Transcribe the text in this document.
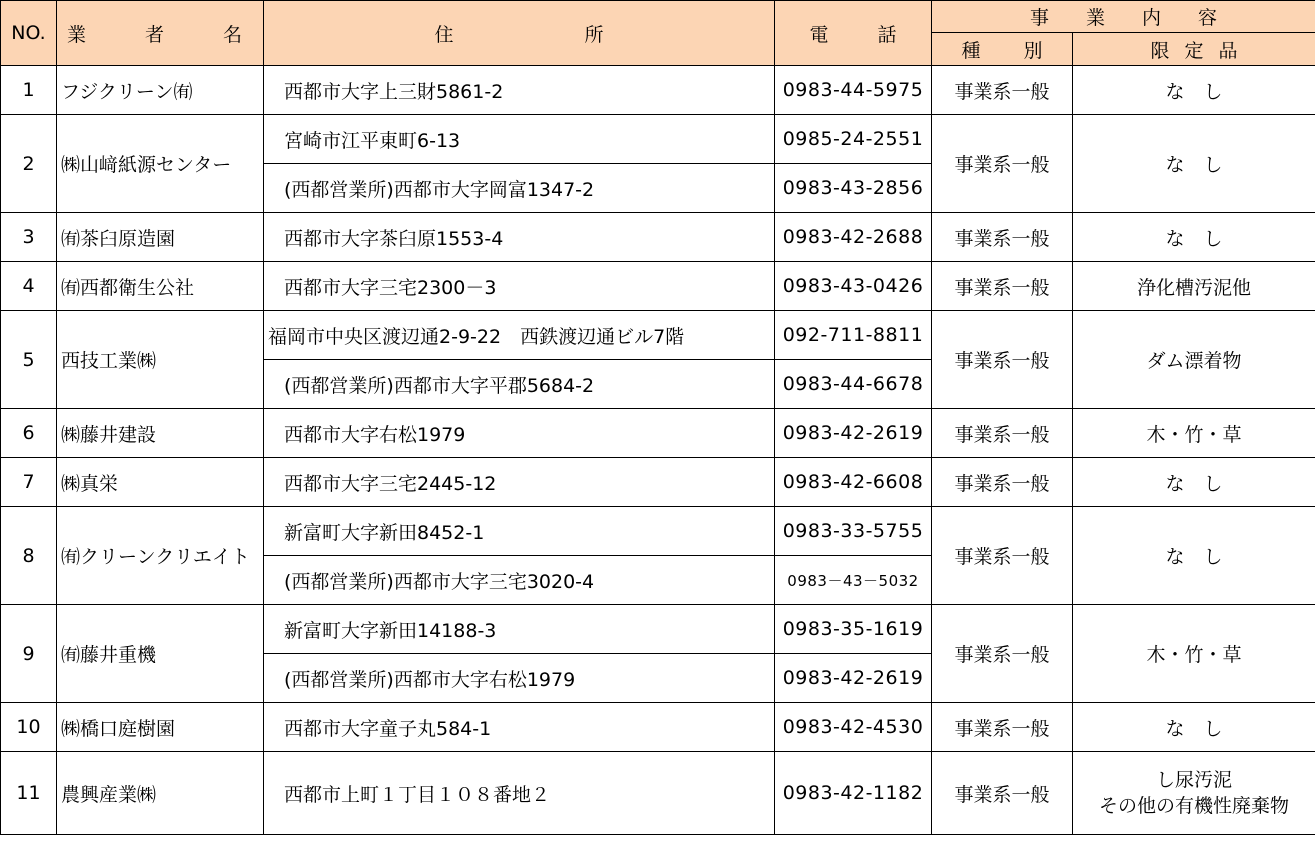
NO.	業 者 名	住 所	電 話	事 業 内 容	
				種 別	限 定 品
1	フジクリーン㈲	西都市大字上三財5861-2	0983-44-5975	事業系一般	な　し
2	㈱山﨑紙源センター	宮崎市江平東町6-13	0985-24-2551	事業系一般	な　し
		(西都営業所)西都市大字岡富1347-2	0983-43-2856		
3	㈲茶臼原造園	西都市大字茶臼原1553-4	0983-42-2688	事業系一般	な　し
4	㈲西都衛生公社	西都市大字三宅2300－3	0983-43-0426	事業系一般	浄化槽汚泥他
5	西技工業㈱	福岡市中央区渡辺通2-9-22　西鉄渡辺通ビル7階	092-711-8811	事業系一般	ダム漂着物
		(西都営業所)西都市大字平郡5684-2	0983-44-6678		
6	㈱藤井建設	西都市大字右松1979	0983-42-2619	事業系一般	木・竹・草
7	㈱真栄	西都市大字三宅2445-12	0983-42-6608	事業系一般	な　し
8	㈲クリーンクリエイト	新富町大字新田8452-1	0983-33-5755	事業系一般	な　し
		(西都営業所)西都市大字三宅3020-4	0983－43－5032		
9	㈲藤井重機	新富町大字新田14188-3	0983-35-1619	事業系一般	木・竹・草
		(西都営業所)西都市大字右松1979	0983-42-2619		
10	㈱橋口庭樹園	西都市大字童子丸584-1	0983-42-4530	事業系一般	な　し
11	農興産業㈱	西都市上町１丁目１０８番地２	0983-42-1182	事業系一般	し尿汚泥
その他の有機性廃棄物
